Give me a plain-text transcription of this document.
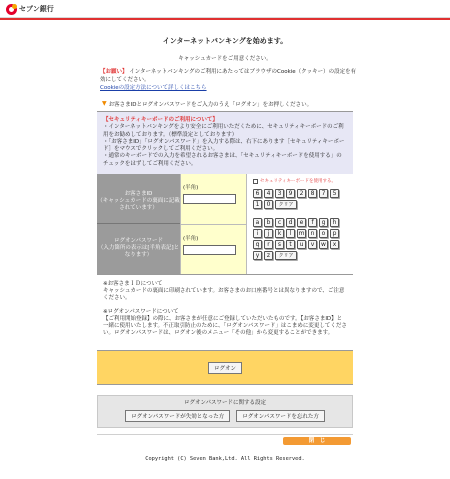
セブン銀行
インターネットバンキングを始めます。
キャッシュカードをご用意ください。
【お願い】 インターネットバンキングのご利用にあたってはブラウザのCookie（クッキー）の設定を有効にしてください。
Cookieの設定方法について詳しくはこちら
▼ お客さまIDとログオンパスワードをご入力のうえ「ログオン」をお押しください。
【セキュリティキーボードのご利用について】
・インターネットバンキングをより安全にご利用いただくために、セキュリティキーボードのご利用をお勧めしております。（標準設定としております）
・「お客さまID」「ログオンパスワード」を入力する際は、右下にあります［セキュリティキーボード］をマウスでクリックしてご利用ください。
・通常のキーボードでの入力を希望されるお客さまは、「セキュリティキーボードを使用する」のチェックをはずしてご利用ください。
お客さまID
（キャッシュカードの裏面に記載されています）
(半角)
ログオンパスワード
（入力箇所の表示は[半角表記]となります）
(半角)
セキュリティキーボードを使用する。
6	4	3	9	2	8	7	5
1	0	クリア
a	b	c	d	e	f	g	h
i	j	k	l	m	n	o	p
q	r	s	t	u	v	w	x
y	z	クリア
※お客さまＩＤについて
キャッシュカードの裏面に印刷されています。お客さまのお口座番号とは異なりますので、ご注意ください。
※ログオンパスワードについて
【ご利用開始登録】の際に、お客さまが任意にご登録していただいたものです。【お客さまID】と一緒に使用いたします。不正取引防止のために、「ログオンパスワード」はこまめに変更してください。ログオンパスワードは、ログオン後のメニュー「その他」から変更することができます。
ログオン
ログオンパスワードに関する設定
ログオンパスワードが失効となった方	ログオンパスワードを忘れた方
閉　じ
Copyright (C) Seven Bank,Ltd. All Rights Reserved.
